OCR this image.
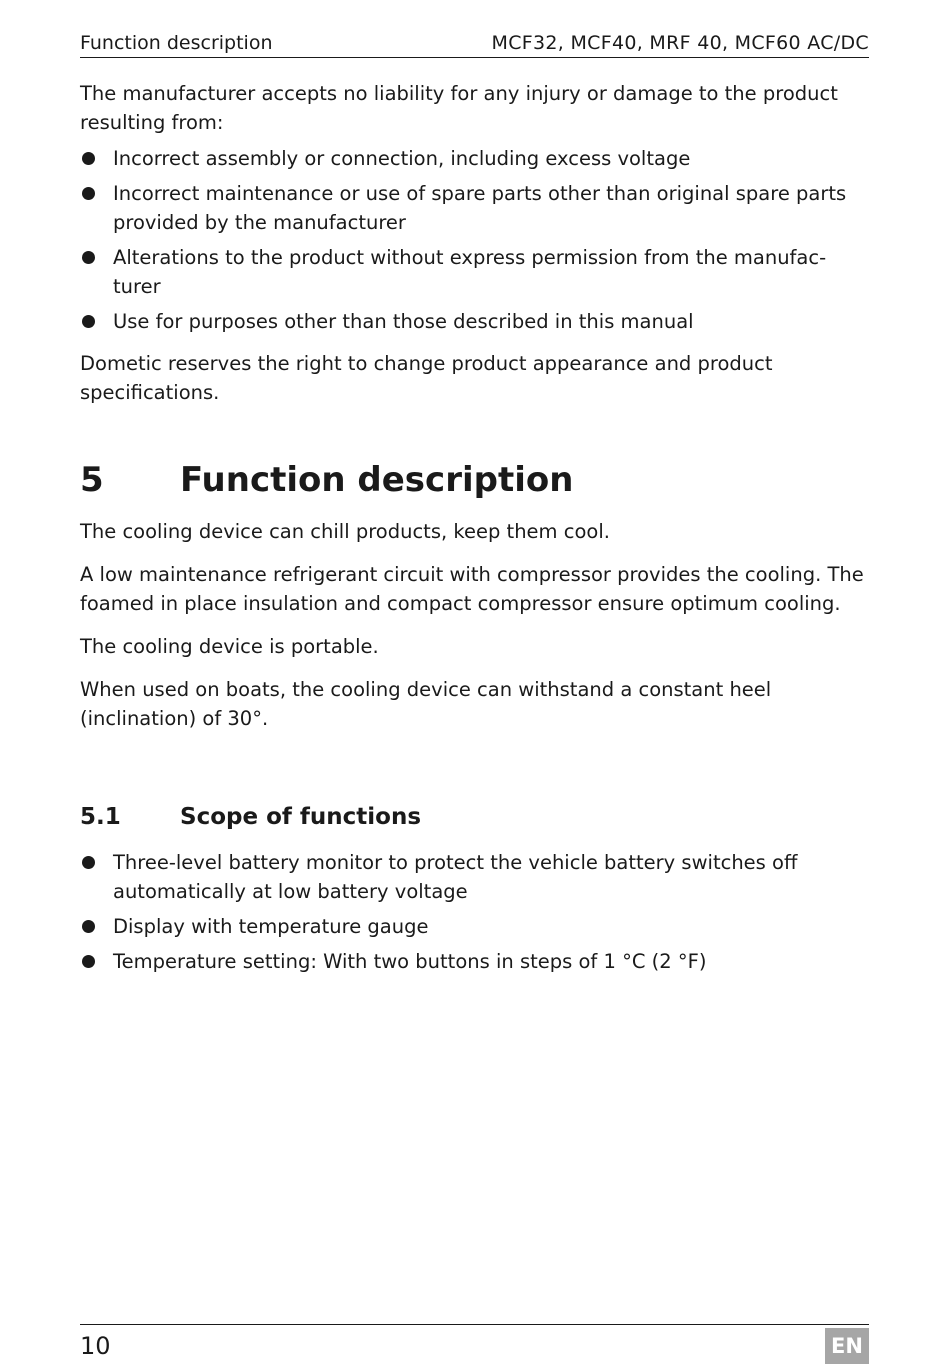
Function description	MCF32, MCF40, MRF 40, MCF60 AC/DC

The manufacturer accepts no liability for any injury or damage to the product resulting from:

Incorrect assembly or connection, including excess voltage
Incorrect maintenance or use of spare parts other than original spare parts provided by the manufacturer
Alterations to the product without express permission from the manufac-turer
Use for purposes other than those described in this manual

Dometic reserves the right to change product appearance and product specifications.

5 Function description

The cooling device can chill products, keep them cool.

A low maintenance refrigerant circuit with compressor provides the cooling. The foamed in place insulation and compact compressor ensure optimum cooling.

The cooling device is portable.

When used on boats, the cooling device can withstand a constant heel (inclination) of 30°.

5.1	Scope of functions
Three-level battery monitor to protect the vehicle battery switches off automatically at low battery voltage
Display with temperature gauge
Temperature setting: With two buttons in steps of 1 °C (2 °F)
10	EN
